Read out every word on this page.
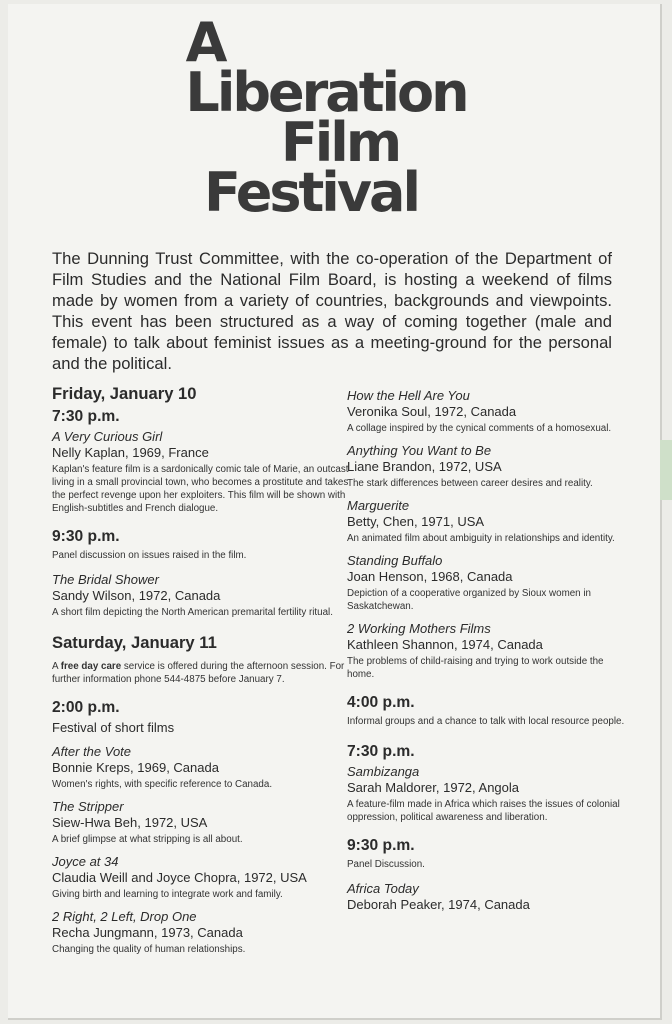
A
Liberation
Film
Festival
The Dunning Trust Committee, with the co-operation of the Department of Film Studies and the National Film Board, is hosting a weekend of films made by women from a variety of countries, backgrounds and viewpoints. This event has been structured as a way of coming together (male and female) to talk about feminist issues as a meeting-ground for the personal and the political.
Friday, January 10
7:30 p.m.

A Very Curious Girl

Nelly Kaplan, 1969, France

Kaplan's feature film is a sardonically comic tale of Marie, an outcast living in a small provincial town, who becomes a prostitute and takes the perfect revenge upon her exploiters. This film will be shown with English-subtitles and French dialogue.

9:30 p.m.

Panel discussion on issues raised in the film.

The Bridal Shower

Sandy Wilson, 1972, Canada

A short film depicting the North American premarital fertility ritual.

Saturday, January 11

A free day care service is offered during the afternoon session. For further information phone 544-4875 before January 7.

2:00 p.m.

Festival of short films

After the Vote

Bonnie Kreps, 1969, Canada

Women's rights, with specific reference to Canada.

The Stripper

Siew-Hwa Beh, 1972, USA

A brief glimpse at what stripping is all about.

Joyce at 34

Claudia Weill and Joyce Chopra, 1972, USA

Giving birth and learning to integrate work and family.

2 Right, 2 Left, Drop One

Recha Jungmann, 1973, Canada

Changing the quality of human relationships.

How the Hell Are You

Veronika Soul, 1972, Canada

A collage inspired by the cynical comments of a homosexual.

Anything You Want to Be

Liane Brandon, 1972, USA

The stark differences between career desires and reality.

Marguerite

Betty, Chen, 1971, USA

An animated film about ambiguity in relationships and identity.

Standing Buffalo

Joan Henson, 1968, Canada

Depiction of a cooperative organized by Sioux women in Saskatchewan.

2 Working Mothers Films

Kathleen Shannon, 1974, Canada

The problems of child-raising and trying to work outside the home.

4:00 p.m.

Informal groups and a chance to talk with local resource people.

7:30 p.m.

Sambizanga

Sarah Maldorer, 1972, Angola

A feature-film made in Africa which raises the issues of colonial oppression, political awareness and liberation.

9:30 p.m.

Panel Discussion.

Africa Today

Deborah Peaker, 1974, Canada
